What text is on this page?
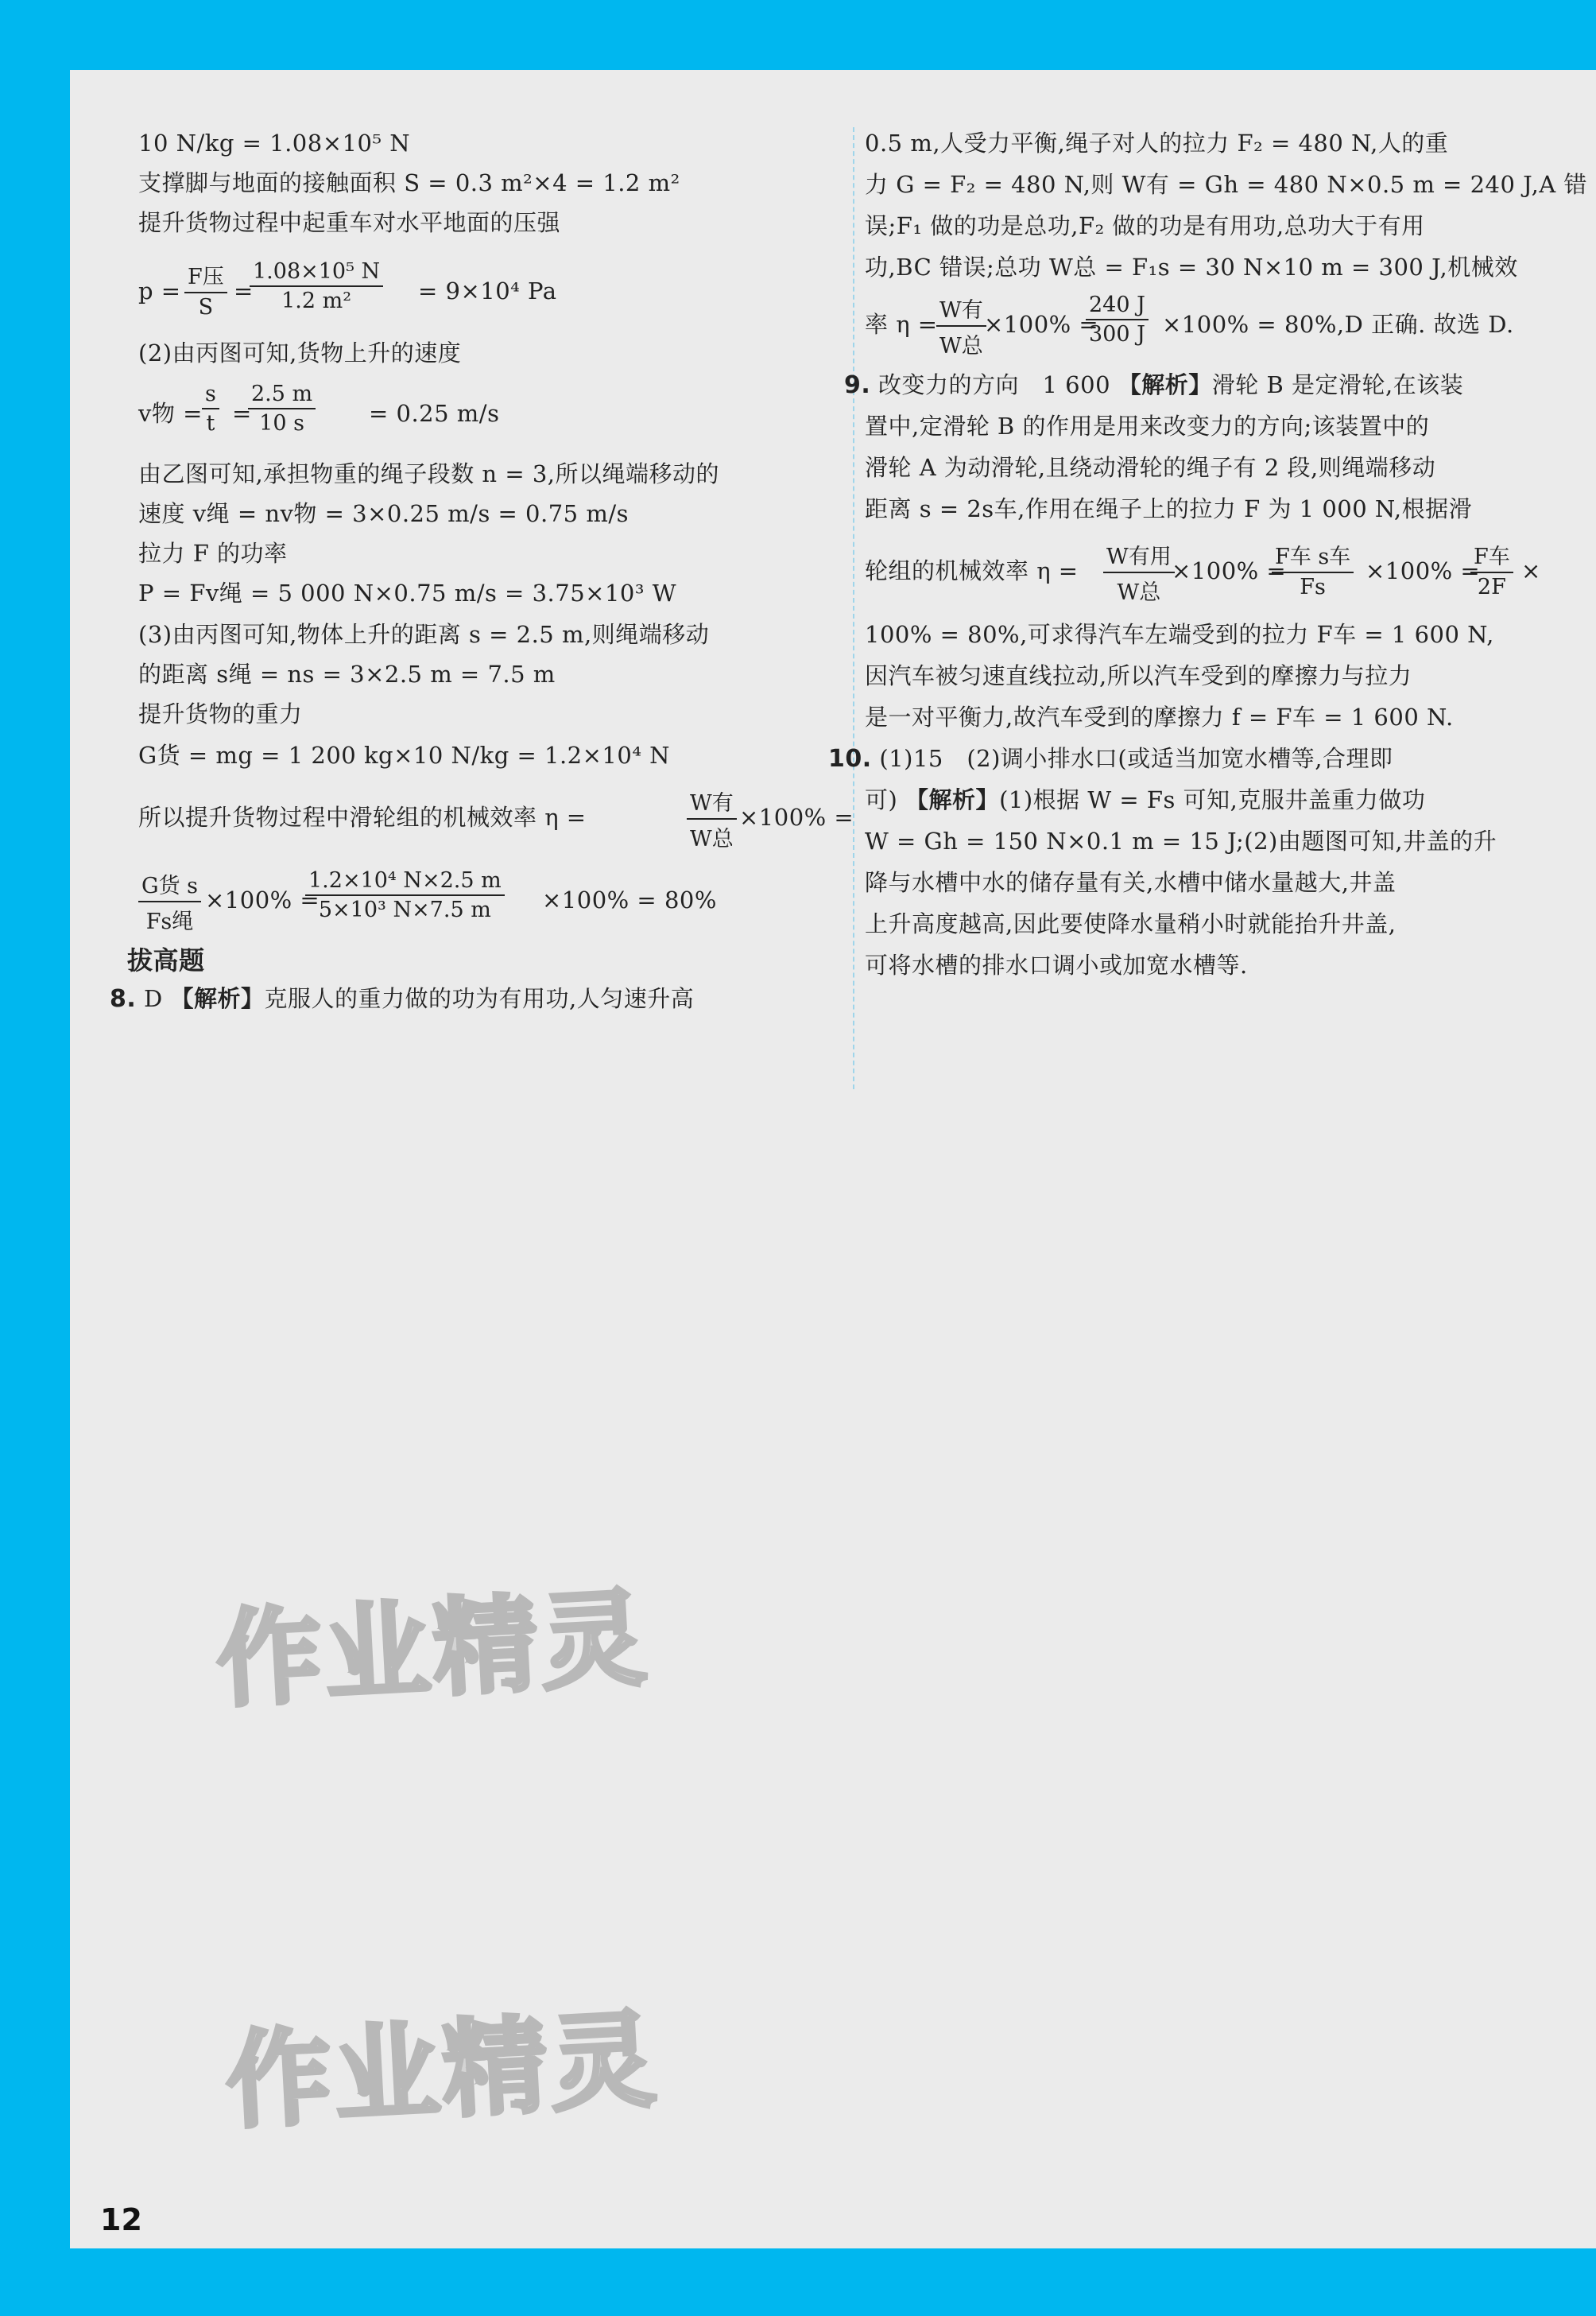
10 N/kg = 1.08×10⁵ N
支撑脚与地面的接触面积 S = 0.3 m²×4 = 1.2 m²
提升货物过程中起重车对水平地面的压强
p =
F压
S
=
$\frac{\text{1.08×10⁵ N}}{\text{1.2 m²}} = 9\times 10^4$ Pa
(2)由丙图可知,货物上升的速度
v物 = $\frac{s}{t}$ =
$\frac{2.5 m}{10 s} = 0.25$ m/s
由乙图可知,承担物重的绳子段数 n = 3,所以绳端移动的
速度 v绳 = nv物 = 3×0.25 m/s = 0.75 m/s
拉力 F 的功率
P = Fv绳 = 5 000 N×0.75 m/s = 3.75×10³ W
(3)由丙图可知,物体上升的距离 s = 2.5 m,则绳端移动
的距离 s绳 = ns = 3×2.5 m = 7.5 m
提升货物的重力
G货 = mg = 1 200 kg×10 N/kg = 1.2×10⁴ N
所以提升货物过程中滑轮组的机械效率 η =
W有
W总
×100% =
G货 s
Fs绳
×100% =
$\frac{\text{1.2×10⁴ N×2.5 m}}{\text{5×10³ N×7.5 m}} \times 100\% = 80\%$
拔高题
8. D 【解析】克服人的重力做的功为有用功,人匀速升高
0.5 m,人受力平衡,绳子对人的拉力 F₂ = 480 N,人的重
力 G = F₂ = 480 N,则 W有 = Gh = 480 N×0.5 m = 240 J,A 错
误;F₁ 做的功是总功,F₂ 做的功是有用功,总功大于有用
功,BC 错误;总功 W总 = F₁s = 30 N×10 m = 300 J,机械效
率 η =
W有
W总
×100% =
$\frac{240 J}{300 J} \times 100\% = 80\%,D$ 正确. 故选 D.
9. 改变力的方向　1 600 【解析】滑轮 B 是定滑轮,在该装
置中,定滑轮 B 的作用是用来改变力的方向;该装置中的
滑轮 A 为动滑轮,且绕动滑轮的绳子有 2 段,则绳端移动
距离 s = 2s车,作用在绳子上的拉力 F 为 1 000 N,根据滑
轮组的机械效率 η =
W有用
W总
×100% =
F车 s车
Fs
×100% =
F车
2F
×
100% = 80%,可求得汽车左端受到的拉力 F车 = 1 600 N,
因汽车被匀速直线拉动,所以汽车受到的摩擦力与拉力
是一对平衡力,故汽车受到的摩擦力 f = F车 = 1 600 N.
10. (1)15　(2)调小排水口(或适当加宽水槽等,合理即
可) 【解析】(1)根据 W = Fs 可知,克服井盖重力做功
W = Gh = 150 N×0.1 m = 15 J;(2)由题图可知,井盖的升
降与水槽中水的储存量有关,水槽中储水量越大,井盖
上升高度越高,因此要使降水量稍小时就能抬升井盖,
可将水槽的排水口调小或加宽水槽等.
作业精灵
作业精灵
12
